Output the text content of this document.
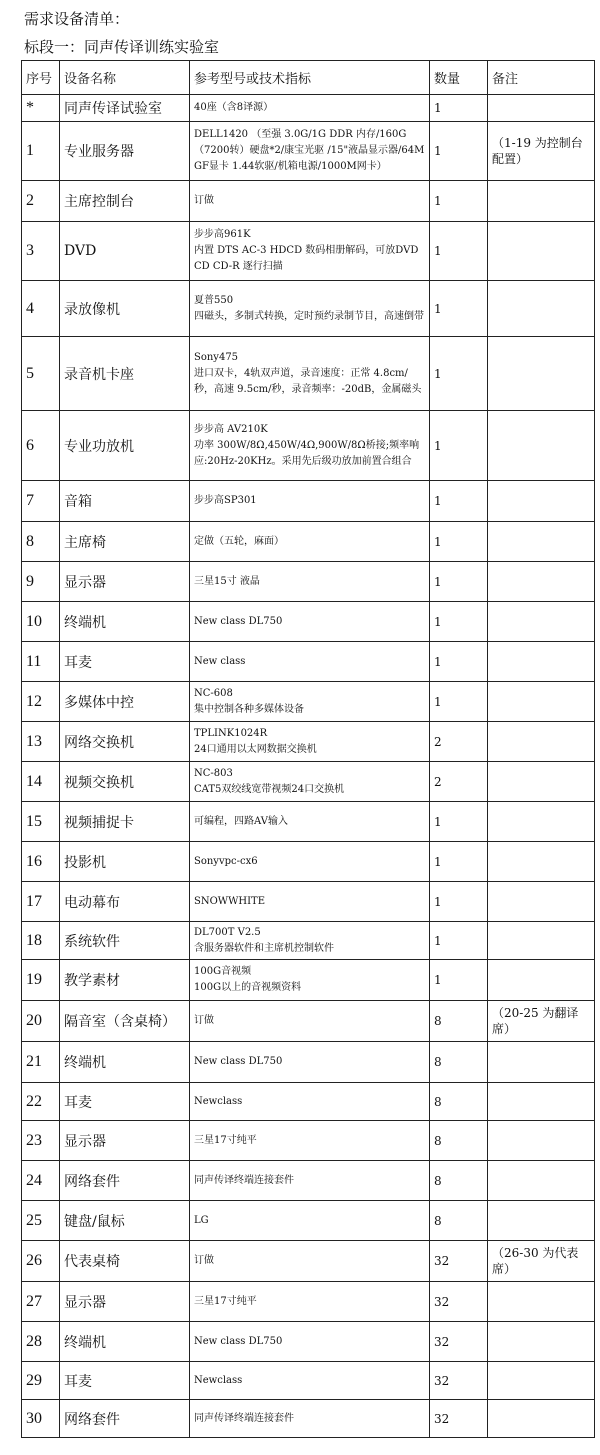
需求设备清单：
标段一：同声传译训练实验室
序号	设备名称	参考型号或技术指标	数量	备注
*	同声传译试验室	40座（含8译源）	1	
1	专业服务器	DELL1420 （至强 3.0G/1G DDR 内存/160G（7200转）硬盘*2/康宝光驱 /15"液晶显示器/64M GF显卡 1.44软驱/机箱电源/1000M网卡）	1	（1-19 为控制台配置）
2	主席控制台	订做	1	
3	DVD	步步高961K
内置 DTS AC-3 HDCD 数码相册解码，可放DVD CD CD-R 逐行扫描	1	
4	录放像机	夏普550
四磁头，多制式转换，定时预约录制节目，高速倒带	1	
5	录音机卡座	Sony475
进口双卡，4轨双声道，录音速度：正常 4.8cm/秒，高速 9.5cm/秒，录音频率：-20dB，金属磁头	1	
6	专业功放机	步步高 AV210K
功率 300W/8Ω,450W/4Ω,900W/8Ω桥接;频率响应:20Hz-20KHz。采用先后级功放加前置合组合	1	
7	音箱	步步高SP301	1	
8	主席椅	定做（五轮，麻面）	1	
9	显示器	三星15寸 液晶	1	
10	终端机	New class DL750	1	
11	耳麦	New class	1	
12	多媒体中控	NC-608
集中控制各种多媒体设备	1	
13	网络交换机	TPLINK1024R
24口通用以太网数据交换机	2	
14	视频交换机	NC-803
CAT5双绞线宽带视频24口交换机	2	
15	视频捕捉卡	可编程，四路AV输入	1	
16	投影机	Sonyvpc-cx6	1	
17	电动幕布	SNOWWHITE	1	
18	系统软件	DL700T V2.5
含服务器软件和主席机控制软件	1	
19	教学素材	100G音视频
100G以上的音视频资料	1	
20	隔音室（含桌椅）	订做	8	（20-25 为翻译席）
21	终端机	New class DL750	8	
22	耳麦	Newclass	8	
23	显示器	三星17寸纯平	8	
24	网络套件	同声传译终端连接套件	8	
25	键盘/鼠标	LG	8	
26	代表桌椅	订做	32	（26-30 为代表席）
27	显示器	三星17寸纯平	32	
28	终端机	New class DL750	32	
29	耳麦	Newclass	32	
30	网络套件	同声传译终端连接套件	32	
